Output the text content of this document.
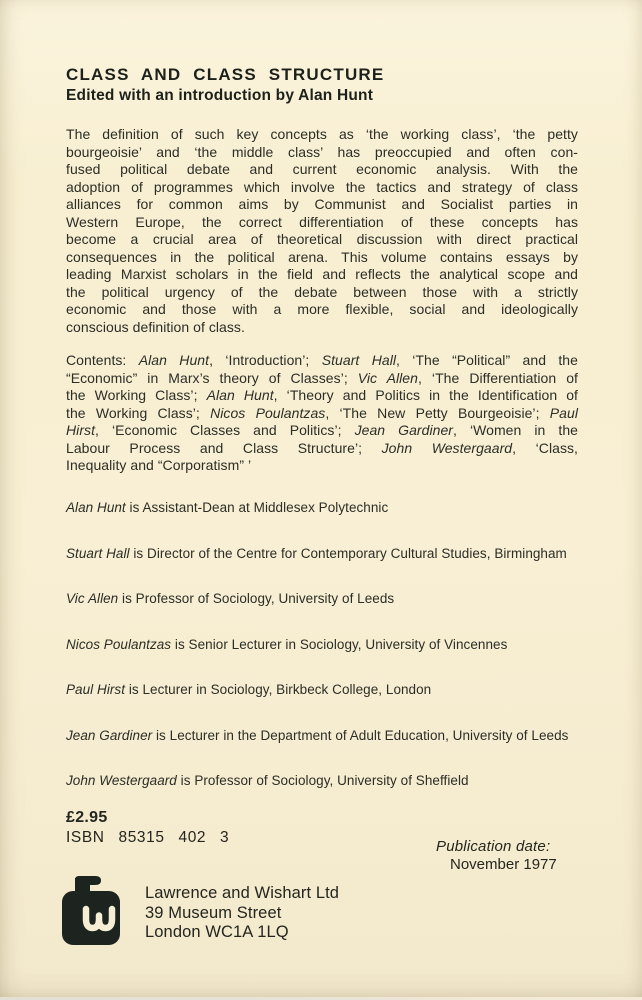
CLASS AND CLASS STRUCTURE
Edited with an introduction by Alan Hunt
The definition of such key concepts as ‘the working class’, ‘the petty
bourgeoisie’ and ‘the middle class’ has preoccupied and often con-
fused political debate and current economic analysis. With the
adoption of programmes which involve the tactics and strategy of class
alliances for common aims by Communist and Socialist parties in
Western Europe, the correct differentiation of these concepts has
become a crucial area of theoretical discussion with direct practical
consequences in the political arena. This volume contains essays by
leading Marxist scholars in the field and reflects the analytical scope and
the political urgency of the debate between those with a strictly
economic and those with a more flexible, social and ideologically
conscious definition of class.
Contents: Alan Hunt, ‘Introduction’; Stuart Hall, ‘The “Political” and the
“Economic” in Marx’s theory of Classes’; Vic Allen, ‘The Differentiation of
the Working Class’; Alan Hunt, ‘Theory and Politics in the Identification of
the Working Class’; Nicos Poulantzas, ‘The New Petty Bourgeoisie’; Paul
Hirst, ‘Economic Classes and Politics’; Jean Gardiner, ‘Women in the
Labour Process and Class Structure’; John Westergaard, ‘Class,
Inequality and “Corporatism” ’
Alan Hunt is Assistant-Dean at Middlesex Polytechnic
Stuart Hall is Director of the Centre for Contemporary Cultural Studies, Birmingham
Vic Allen is Professor of Sociology, University of Leeds
Nicos Poulantzas is Senior Lecturer in Sociology, University of Vincennes
Paul Hirst is Lecturer in Sociology, Birkbeck College, London
Jean Gardiner is Lecturer in the Department of Adult Education, University of Leeds
John Westergaard is Professor of Sociology, University of Sheffield
£2.95
ISBN 85315 402 3
Publication date:
November 1977
Lawrence and Wishart Ltd
39 Museum Street
London WC1A 1LQ
